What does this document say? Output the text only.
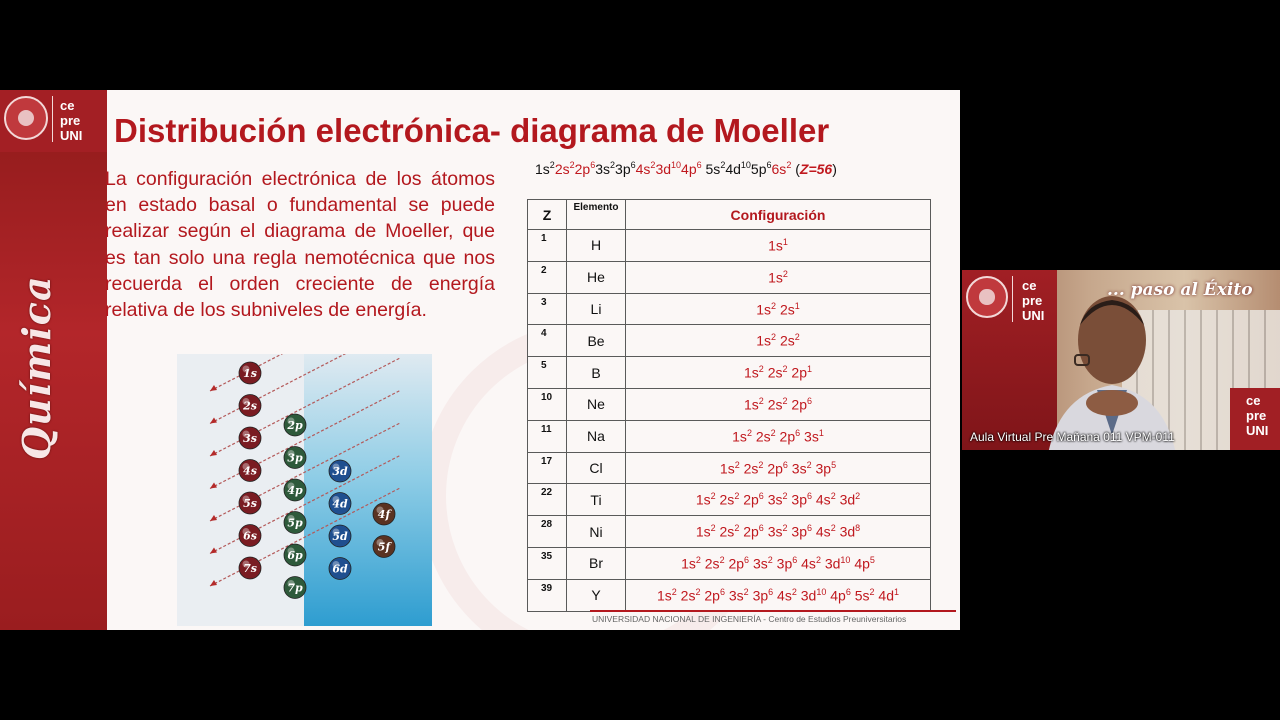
ce
pre
UNI
Química
Distribución electrónica- diagrama de Moeller

La configuración electrónica de los átomos en estado basal o fundamental se puede realizar según el diagrama de Moeller, que es tan solo una regla nemotécnica que nos recuerda el orden creciente de energía relativa de los subniveles de energía.

$1s^22s^22p^63s^23p^64s^23d^{10}4p^6$ $5s^24d^{10}5p^66s^2$ (Z=56)
Z	Elemento	Configuración
1	H	$1s^1$
2	He	$1s^2$
3	Li	$1s^2$ $2s^1$
4	Be	$1s^2$ $2s^2$
5	B	$1s^2$ $2s^2$ $2p^1$
10	Ne	$1s^2$ $2s^2$ $2p^6$
11	Na	$1s^2$ $2s^2$ $2p^6$ $3s^1$
17	Cl	$1s^2$ $2s^2$ $2p^6$ $3s^2$ $3p^5$
22	Ti	$1s^2$ $2s^2$ $2p^6$ $3s^2$ $3p^6$ $4s^2$ $3d^2$
28	Ni	$1s^2$ $2s^2$ $2p^6$ $3s^2$ $3p^6$ $4s^2$ $3d^8$
35	Br	$1s^2$ $2s^2$ $2p^6$ $3s^2$ $3p^6$ $4s^2$ $3d^{10}$ $4p^5$
39	Y	$1s^2$ $2s^2$ $2p^6$ $3s^2$ $3p^6$ $4s^2$ $3d^{10}$ $4p^6$ $5s^2$ $4d^1$
1s
2s
3s
4s
5s
6s
7s
2p
3p
4p
5p
6p
7p
3d
4d
5d
6d
4f
5f
UNIVERSIDAD NACIONAL DE INGENIERÍA - Centro de Estudios Preuniversitarios
ce
pre
UNI
... paso al Éxito
ce
pre
UNI
Aula Virtual Pre Mañana 011 VPM-011
